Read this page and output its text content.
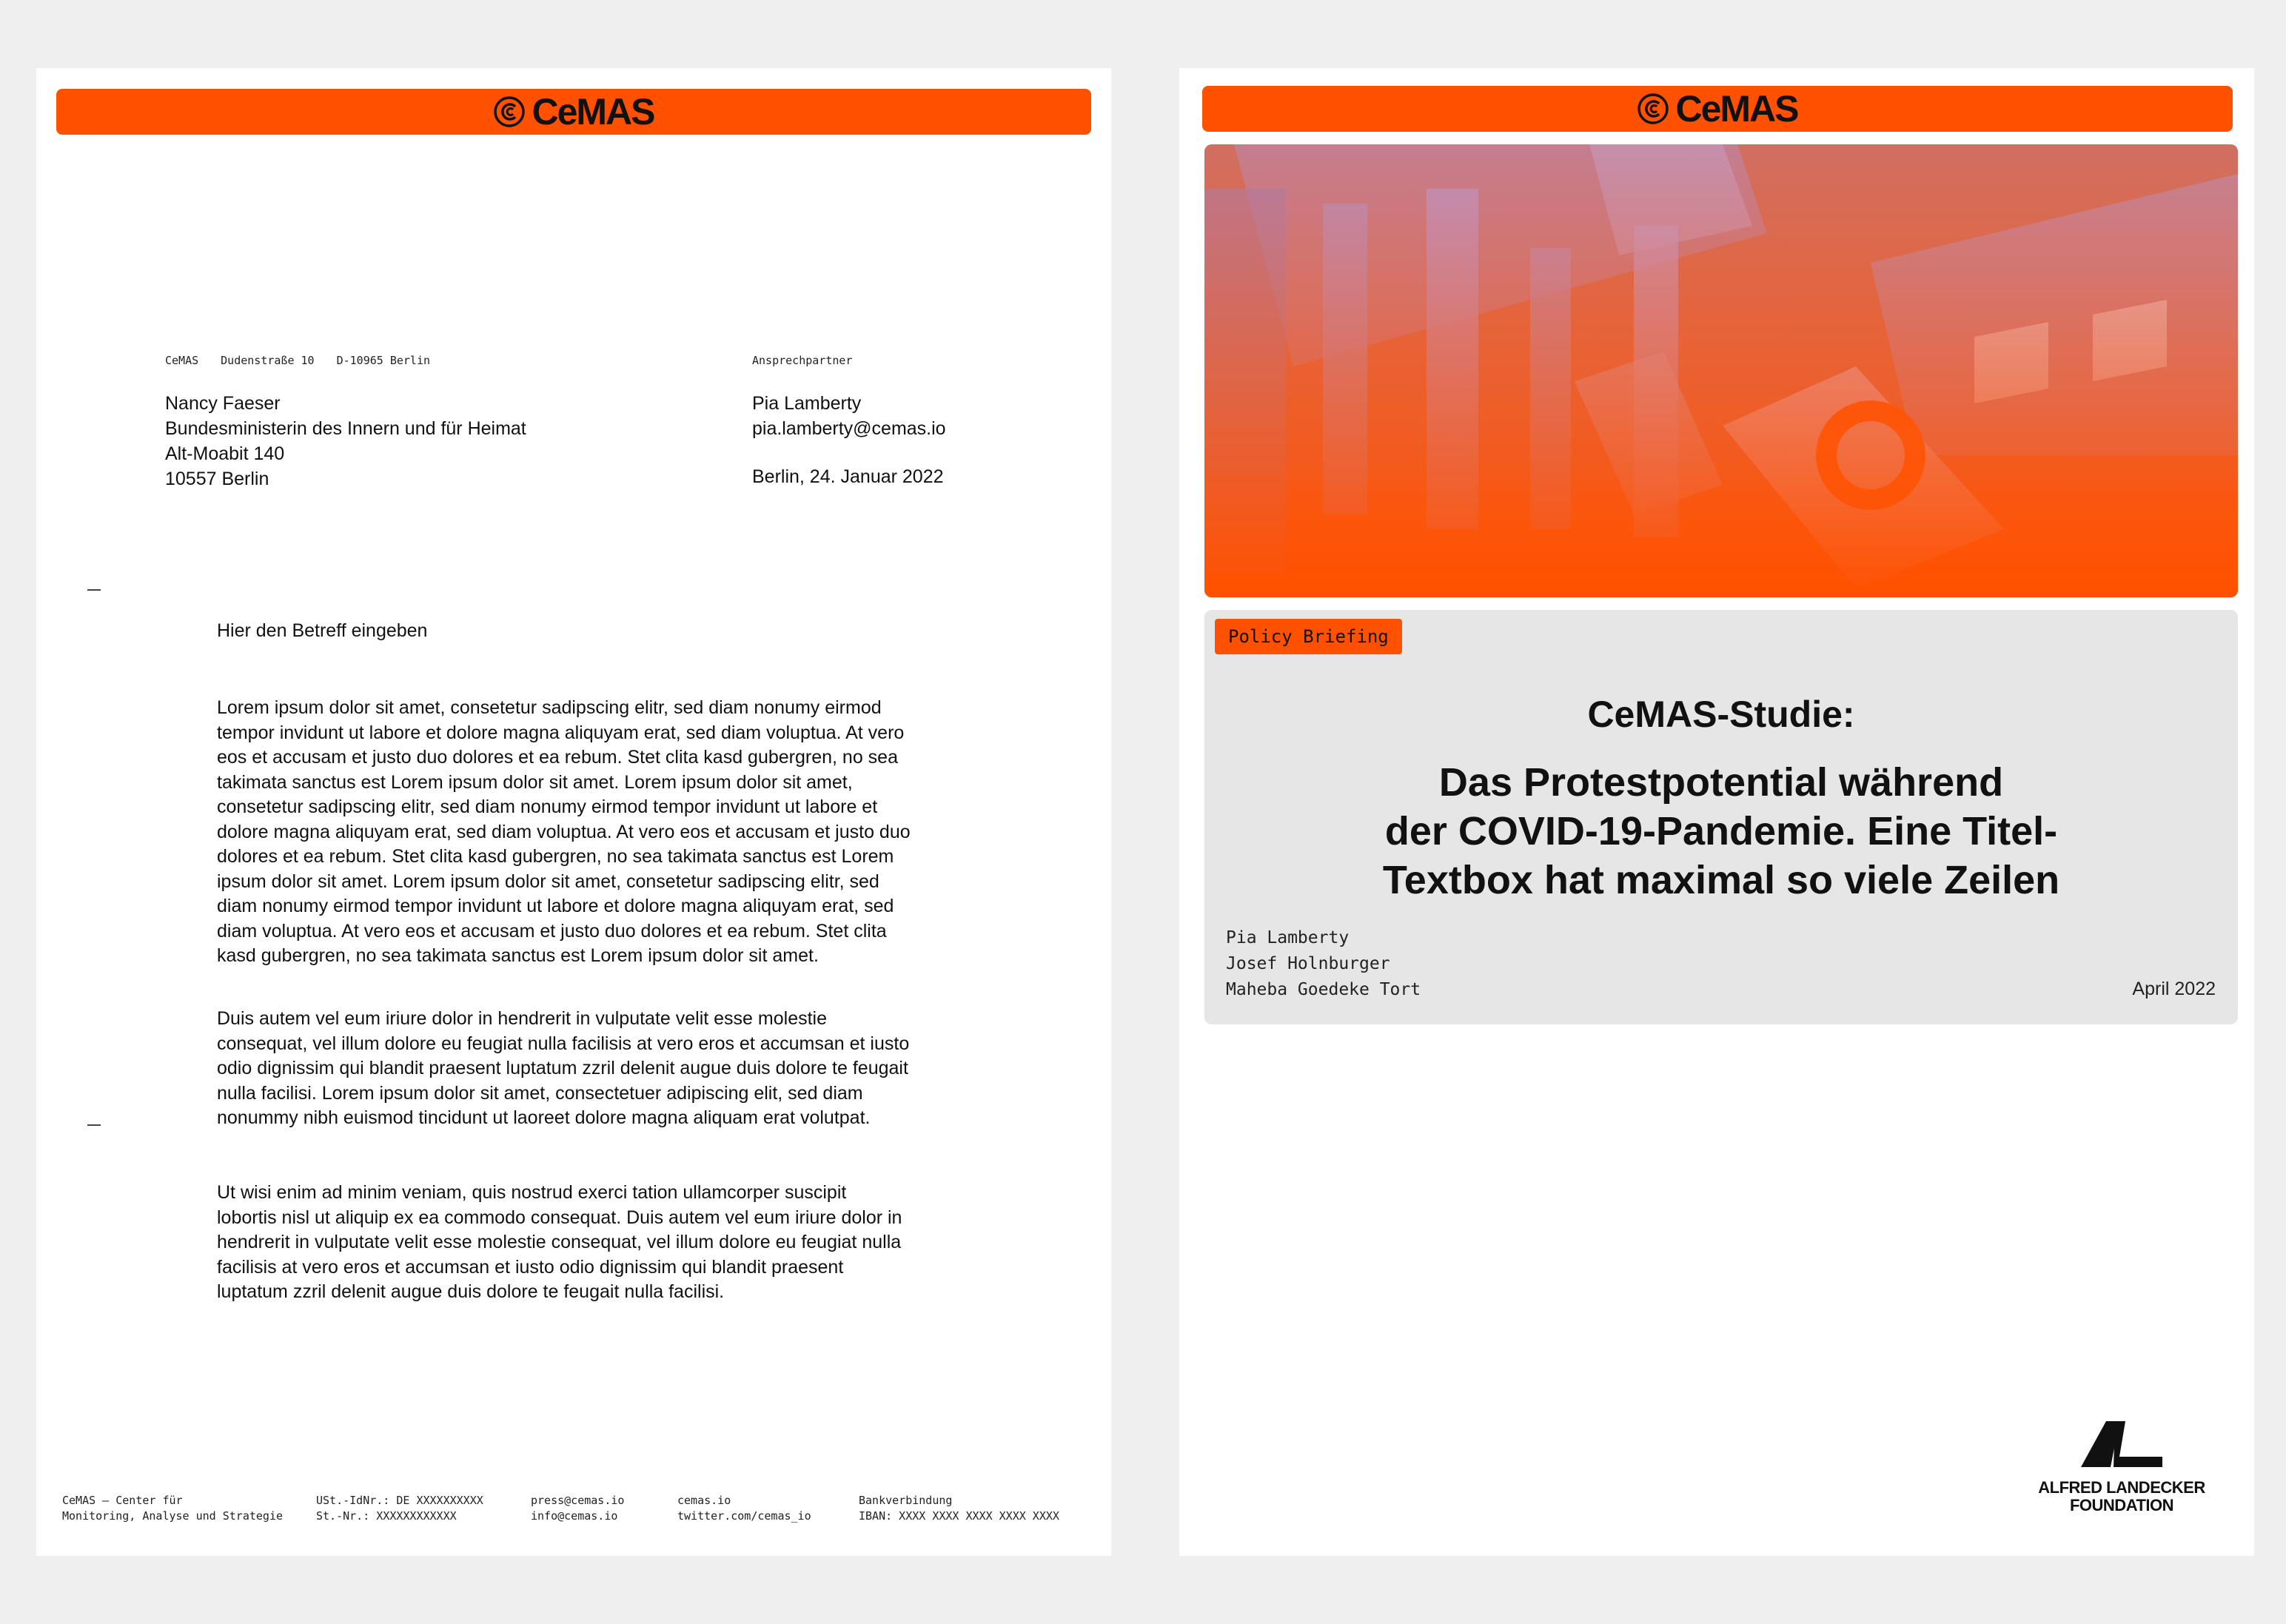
CeMAS
CeMAS Dudenstraße 10 D-10965 Berlin	Ansprechpartner
Nancy Faeser
Bundesministerin des Innern und für Heimat
Alt-Moabit 140
10557 Berlin
Pia Lamberty
pia.lamberty@cemas.io
Berlin, 24. Januar 2022
Hier den Betreff eingeben
Lorem ipsum dolor sit amet, consetetur sadipscing elitr, sed diam nonumy eirmod
tempor invidunt ut labore et dolore magna aliquyam erat, sed diam voluptua. At vero
eos et accusam et justo duo dolores et ea rebum. Stet clita kasd gubergren, no sea
takimata sanctus est Lorem ipsum dolor sit amet. Lorem ipsum dolor sit amet,
consetetur sadipscing elitr, sed diam nonumy eirmod tempor invidunt ut labore et
dolore magna aliquyam erat, sed diam voluptua. At vero eos et accusam et justo duo
dolores et ea rebum. Stet clita kasd gubergren, no sea takimata sanctus est Lorem
ipsum dolor sit amet. Lorem ipsum dolor sit amet, consetetur sadipscing elitr, sed
diam nonumy eirmod tempor invidunt ut labore et dolore magna aliquyam erat, sed
diam voluptua. At vero eos et accusam et justo duo dolores et ea rebum. Stet clita
kasd gubergren, no sea takimata sanctus est Lorem ipsum dolor sit amet.
Duis autem vel eum iriure dolor in hendrerit in vulputate velit esse molestie
consequat, vel illum dolore eu feugiat nulla facilisis at vero eros et accumsan et iusto
odio dignissim qui blandit praesent luptatum zzril delenit augue duis dolore te feugait
nulla facilisi. Lorem ipsum dolor sit amet, consectetuer adipiscing elit, sed diam
nonummy nibh euismod tincidunt ut laoreet dolore magna aliquam erat volutpat.
Ut wisi enim ad minim veniam, quis nostrud exerci tation ullamcorper suscipit
lobortis nisl ut aliquip ex ea commodo consequat. Duis autem vel eum iriure dolor in
hendrerit in vulputate velit esse molestie consequat, vel illum dolore eu feugiat nulla
facilisis at vero eros et accumsan et iusto odio dignissim qui blandit praesent
luptatum zzril delenit augue duis dolore te feugait nulla facilisi.
CeMAS – Center für
Monitoring, Analyse und Strategie
USt.-IdNr.: DE XXXXXXXXXX
St.-Nr.: XXXXXXXXXXXX
press@cemas.io
info@cemas.io
cemas.io
twitter.com/cemas_io
Bankverbindung
IBAN: XXXX XXXX XXXX XXXX XXXX
CeMAS
Policy Briefing
CeMAS-Studie:
Das Protestpotential während
der COVID-19-Pandemie. Eine Titel-
Textbox hat maximal so viele Zeilen
Pia Lamberty
Josef Holnburger
Maheba Goedeke Tort	April 2022
ALFRED LANDECKER
FOUNDATION
